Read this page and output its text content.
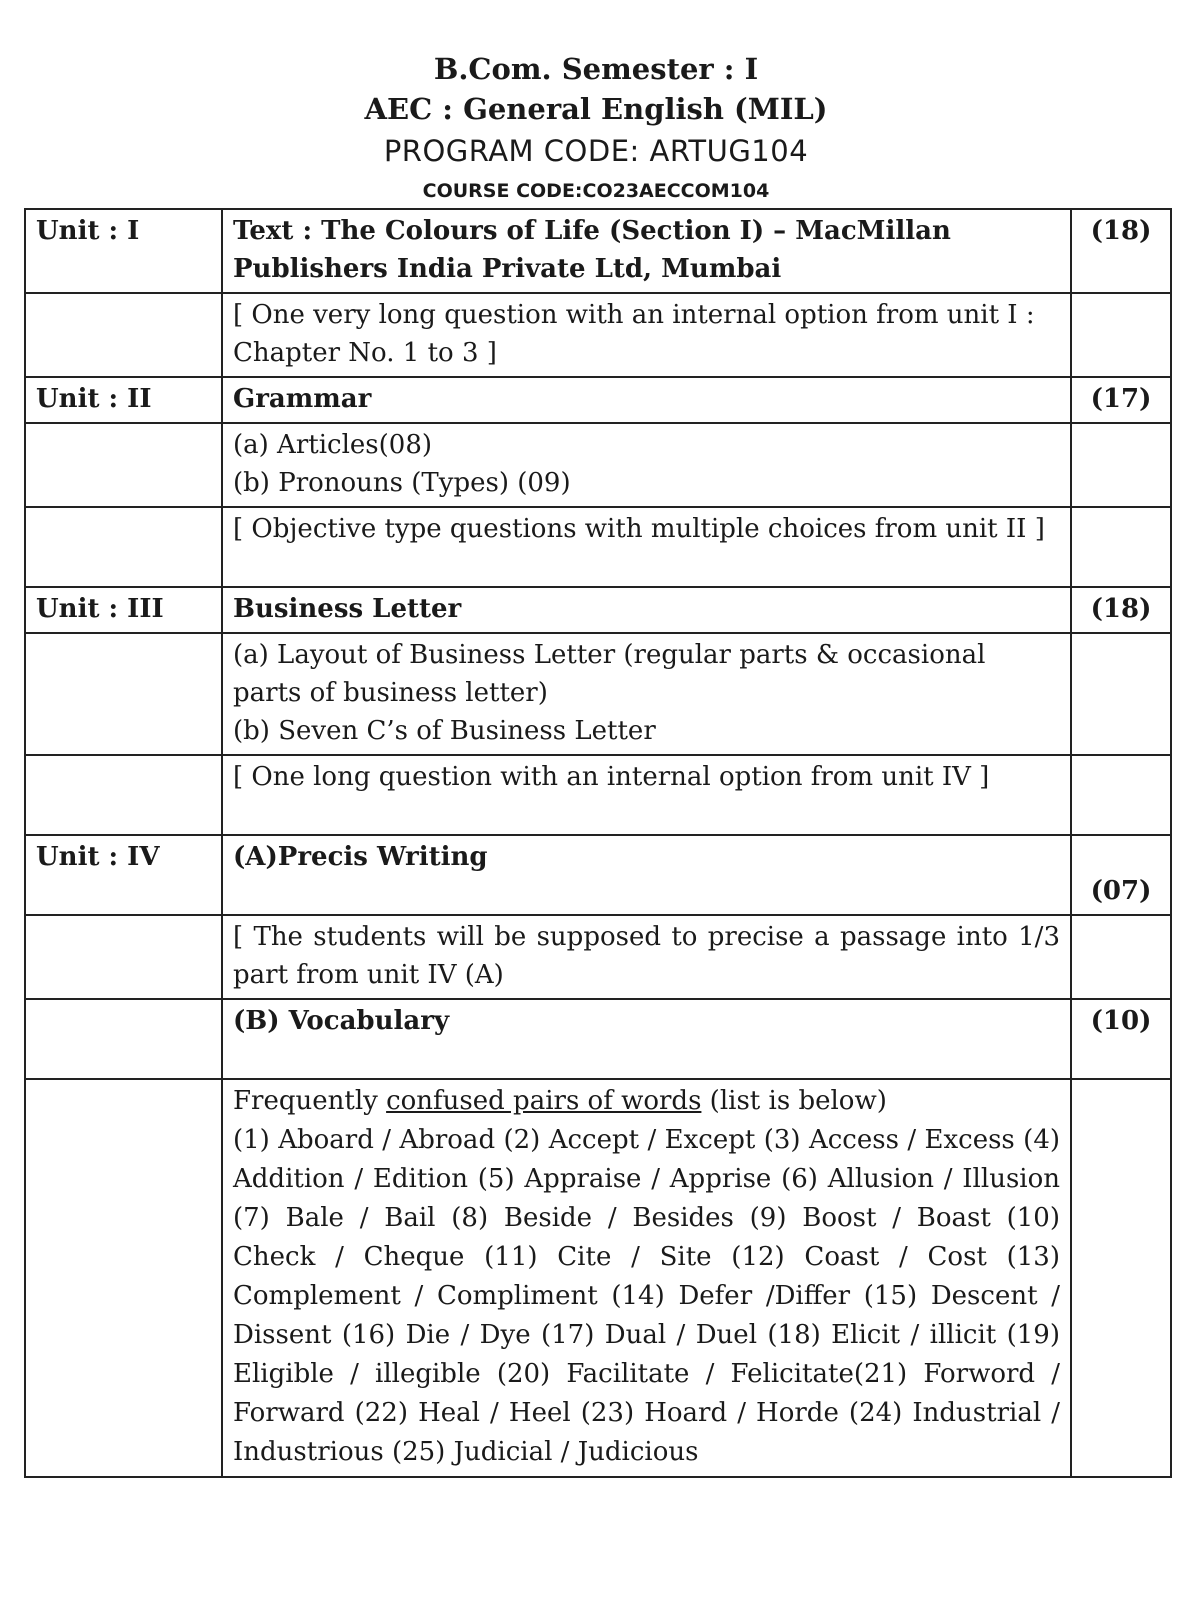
B.Com. Semester : I
AEC : General English (MIL)
PROGRAM CODE: ARTUG104
COURSE CODE:CO23AECCOM104
Unit : I	Text : The Colours of Life (Section I) – MacMillan Publishers India Private Ltd, Mumbai	(18)
	[ One very long question with an internal option from unit I : Chapter No. 1 to 3 ]	
Unit : II	Grammar	(17)

	(a) Articles(08)
(b) Pronouns (Types) (09)	

	[ Objective type questions with multiple choices from unit II ]	
Unit : III	Business Letter	(18)

	(a) Layout of Business Letter (regular parts & occasional parts of business letter)
(b) Seven C’s of Business Letter	

	[ One long question with an internal option from unit IV ]	
Unit : IV	(A)Precis Writing	(07)
	[ The students will be supposed to precise a passage into 1/3 part from unit IV (A)	
	(B) Vocabulary	(10)
	Frequently confused pairs of words (list is below)
(1) Aboard / Abroad (2) Accept / Except (3) Access / Excess (4) Addition / Edition (5) Appraise / Apprise (6) Allusion / Illusion (7) Bale / Bail (8) Beside / Besides (9) Boost / Boast (10) Check / Cheque (11) Cite / Site (12) Coast / Cost (13) Complement / Compliment (14) Defer /Differ (15) Descent / Dissent (16) Die / Dye (17) Dual / Duel (18) Elicit / illicit (19) Eligible / illegible (20) Facilitate / Felicitate(21) Forword / Forward (22) Heal / Heel (23) Hoard / Horde (24) Industrial / Industrious (25) Judicial / Judicious	
